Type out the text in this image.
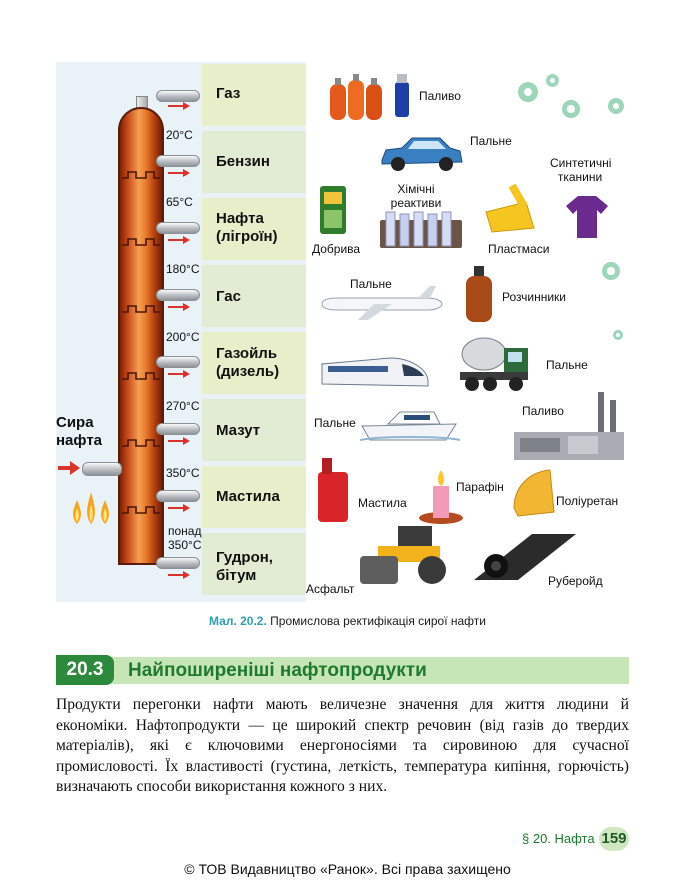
Газ
Бензин
Нафта (лігроїн)
Гас
Газойль (дизель)
Мазут
Мастила
Гудрон, бітум
20°C
65°C
180°C
200°C
270°C
350°C
понад 350°C
Сира нафта
Паливо
Пальне
Хімічні реактиви
Синтетичні тканини
Добрива	Пластмаси
Пальне
Розчинники
Пальне
Пальне
Паливо
Мастила
Парафін
Поліуретан
Асфальт
Руберойд
Мал. 20.2. Промислова ректифікація сирої нафти
20.3	Найпоширеніші нафтопродукти
Продукти перегонки нафти мають величезне значення для життя людини й економіки. Нафтопродукти — це широкий спектр речовин (від газів до твердих матеріалів), які є ключовими енергоносіями та сировиною для сучасної промисловості. Їх властивості (густина, леткість, температура кипіння, горючість) визначають способи використання кожного з них.
§ 20. Нафта 159
© ТОВ Видавництво «Ранок». Всі права захищено
